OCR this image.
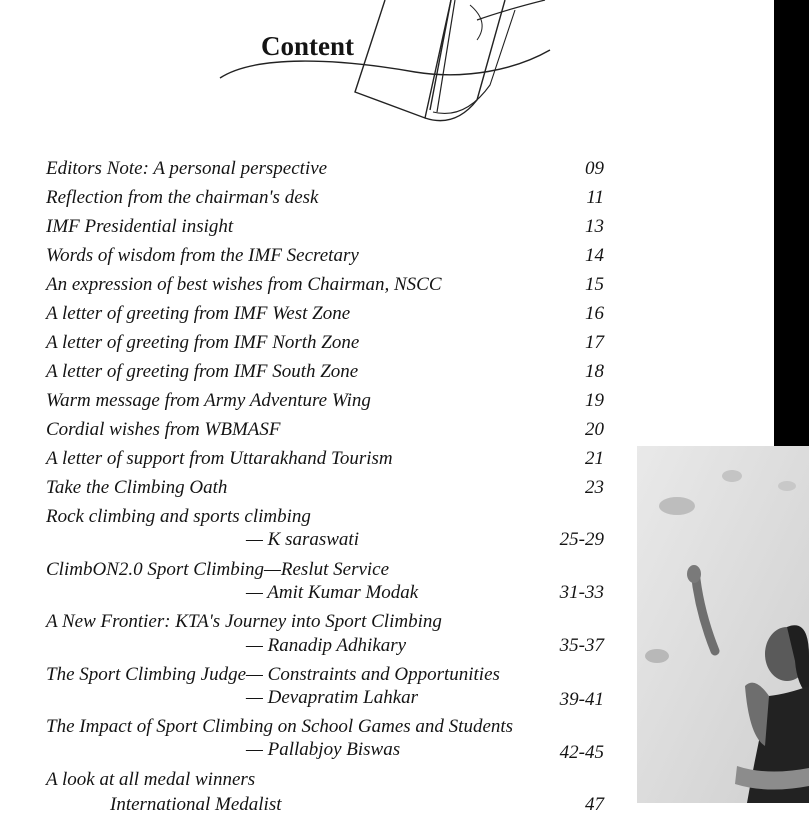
Content
Editors Note: A personal perspective	09
Reflection from the chairman's desk	11
IMF Presidential insight	13
Words of wisdom from the IMF Secretary	14
An expression of best wishes from Chairman, NSCC	15
A letter of greeting from IMF West Zone	16
A letter of greeting from IMF North Zone	17
A letter of greeting from IMF South Zone	18
Warm message from Army Adventure Wing	19
Cordial wishes from WBMASF	20
A letter of support from Uttarakhand Tourism	21
Take the Climbing Oath	23
Rock climbing and sports climbing
— K saraswati	25-29
ClimbON2.0 Sport Climbing—Reslut Service
— Amit Kumar Modak	31-33
A New Frontier: KTA's Journey into Sport Climbing
— Ranadip Adhikary	35-37
The Sport Climbing Judge— Constraints and Opportunities
— Devapratim Lahkar	39-41
The Impact of Sport Climbing on School Games and Students
— Pallabjoy Biswas	42-45
A look at all medal winners
International Medalist	47
